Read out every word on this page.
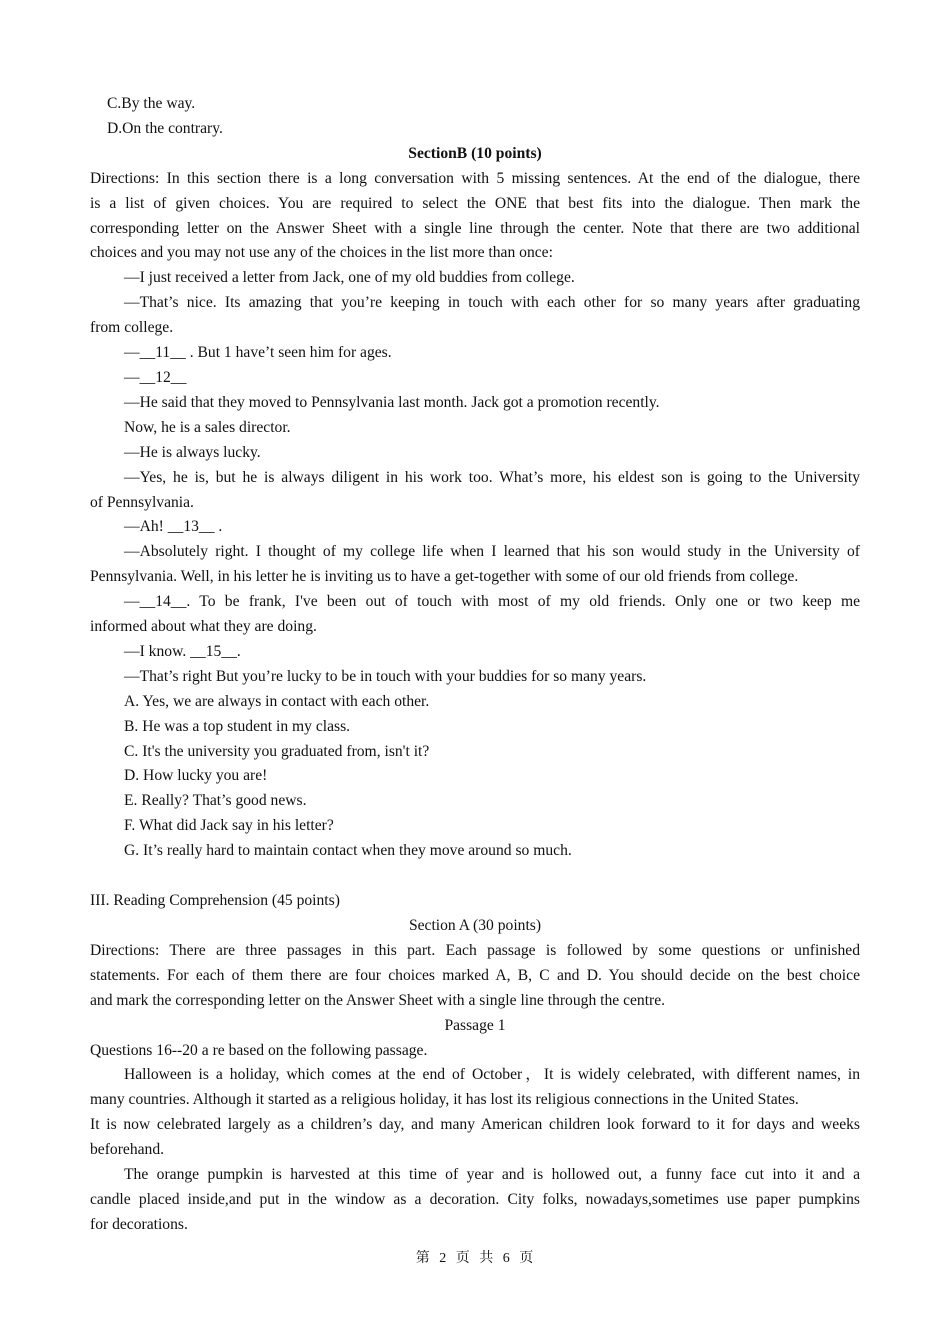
C.By the way.
D.On the contrary.
SectionB (10 points)
Directions: In this section there is a long conversation with 5 missing sentences. At the end of the dialogue, there
is a list of given choices. You are required to select the ONE that best fits into the dialogue. Then mark the
corresponding letter on the Answer Sheet with a single line through the center. Note that there are two additional
choices and you may not use any of the choices in the list more than once:
—I just received a letter from Jack, one of my old buddies from college.
—That’s nice. Its amazing that you’re keeping in touch with each other for so many years after graduating
from college.
—__11__ . But 1 have’t seen him for ages.
—__12__
—He said that they moved to Pennsylvania last month. Jack got a promotion recently.
Now, he is a sales director.
—He is always lucky.
—Yes, he is, but he is always diligent in his work too. What’s more, his eldest son is going to the University
of Pennsylvania.
—Ah! __13__ .
—Absolutely right. I thought of my college life when I learned that his son would study in the University of
Pennsylvania. Well, in his letter he is inviting us to have a get-together with some of our old friends from college.
—__14__. To be frank, I've been out of touch with most of my old friends. Only one or two keep me
informed about what they are doing.
—I know. __15__.
—That’s right But you’re lucky to be in touch with your buddies for so many years.
A. Yes, we are always in contact with each other.
B. He was a top student in my class.
C. It's the university you graduated from, isn't it?
D. How lucky you are!
E. Really? That’s good news.
F. What did Jack say in his letter?
G. It’s really hard to maintain contact when they move around so much.
III. Reading Comprehension (45 points)
Section A (30 points)
Directions: There are three passages in this part. Each passage is followed by some questions or unfinished
statements. For each of them there are four choices marked A, B, C and D. You should decide on the best choice
and mark the corresponding letter on the Answer Sheet with a single line through the centre.
Passage 1
Questions 16--20 a re based on the following passage.
Halloween is a holiday, which comes at the end of October，It is widely celebrated, with different names, in
many countries. Although it started as a religious holiday, it has lost its religious connections in the United States.
It is now celebrated largely as a children’s day, and many American children look forward to it for days and weeks
beforehand.
The orange pumpkin is harvested at this time of year and is hollowed out, a funny face cut into it and a
candle placed inside,and put in the window as a decoration. City folks, nowadays,sometimes use paper pumpkins
for decorations.
第 2 页 共 6 页
